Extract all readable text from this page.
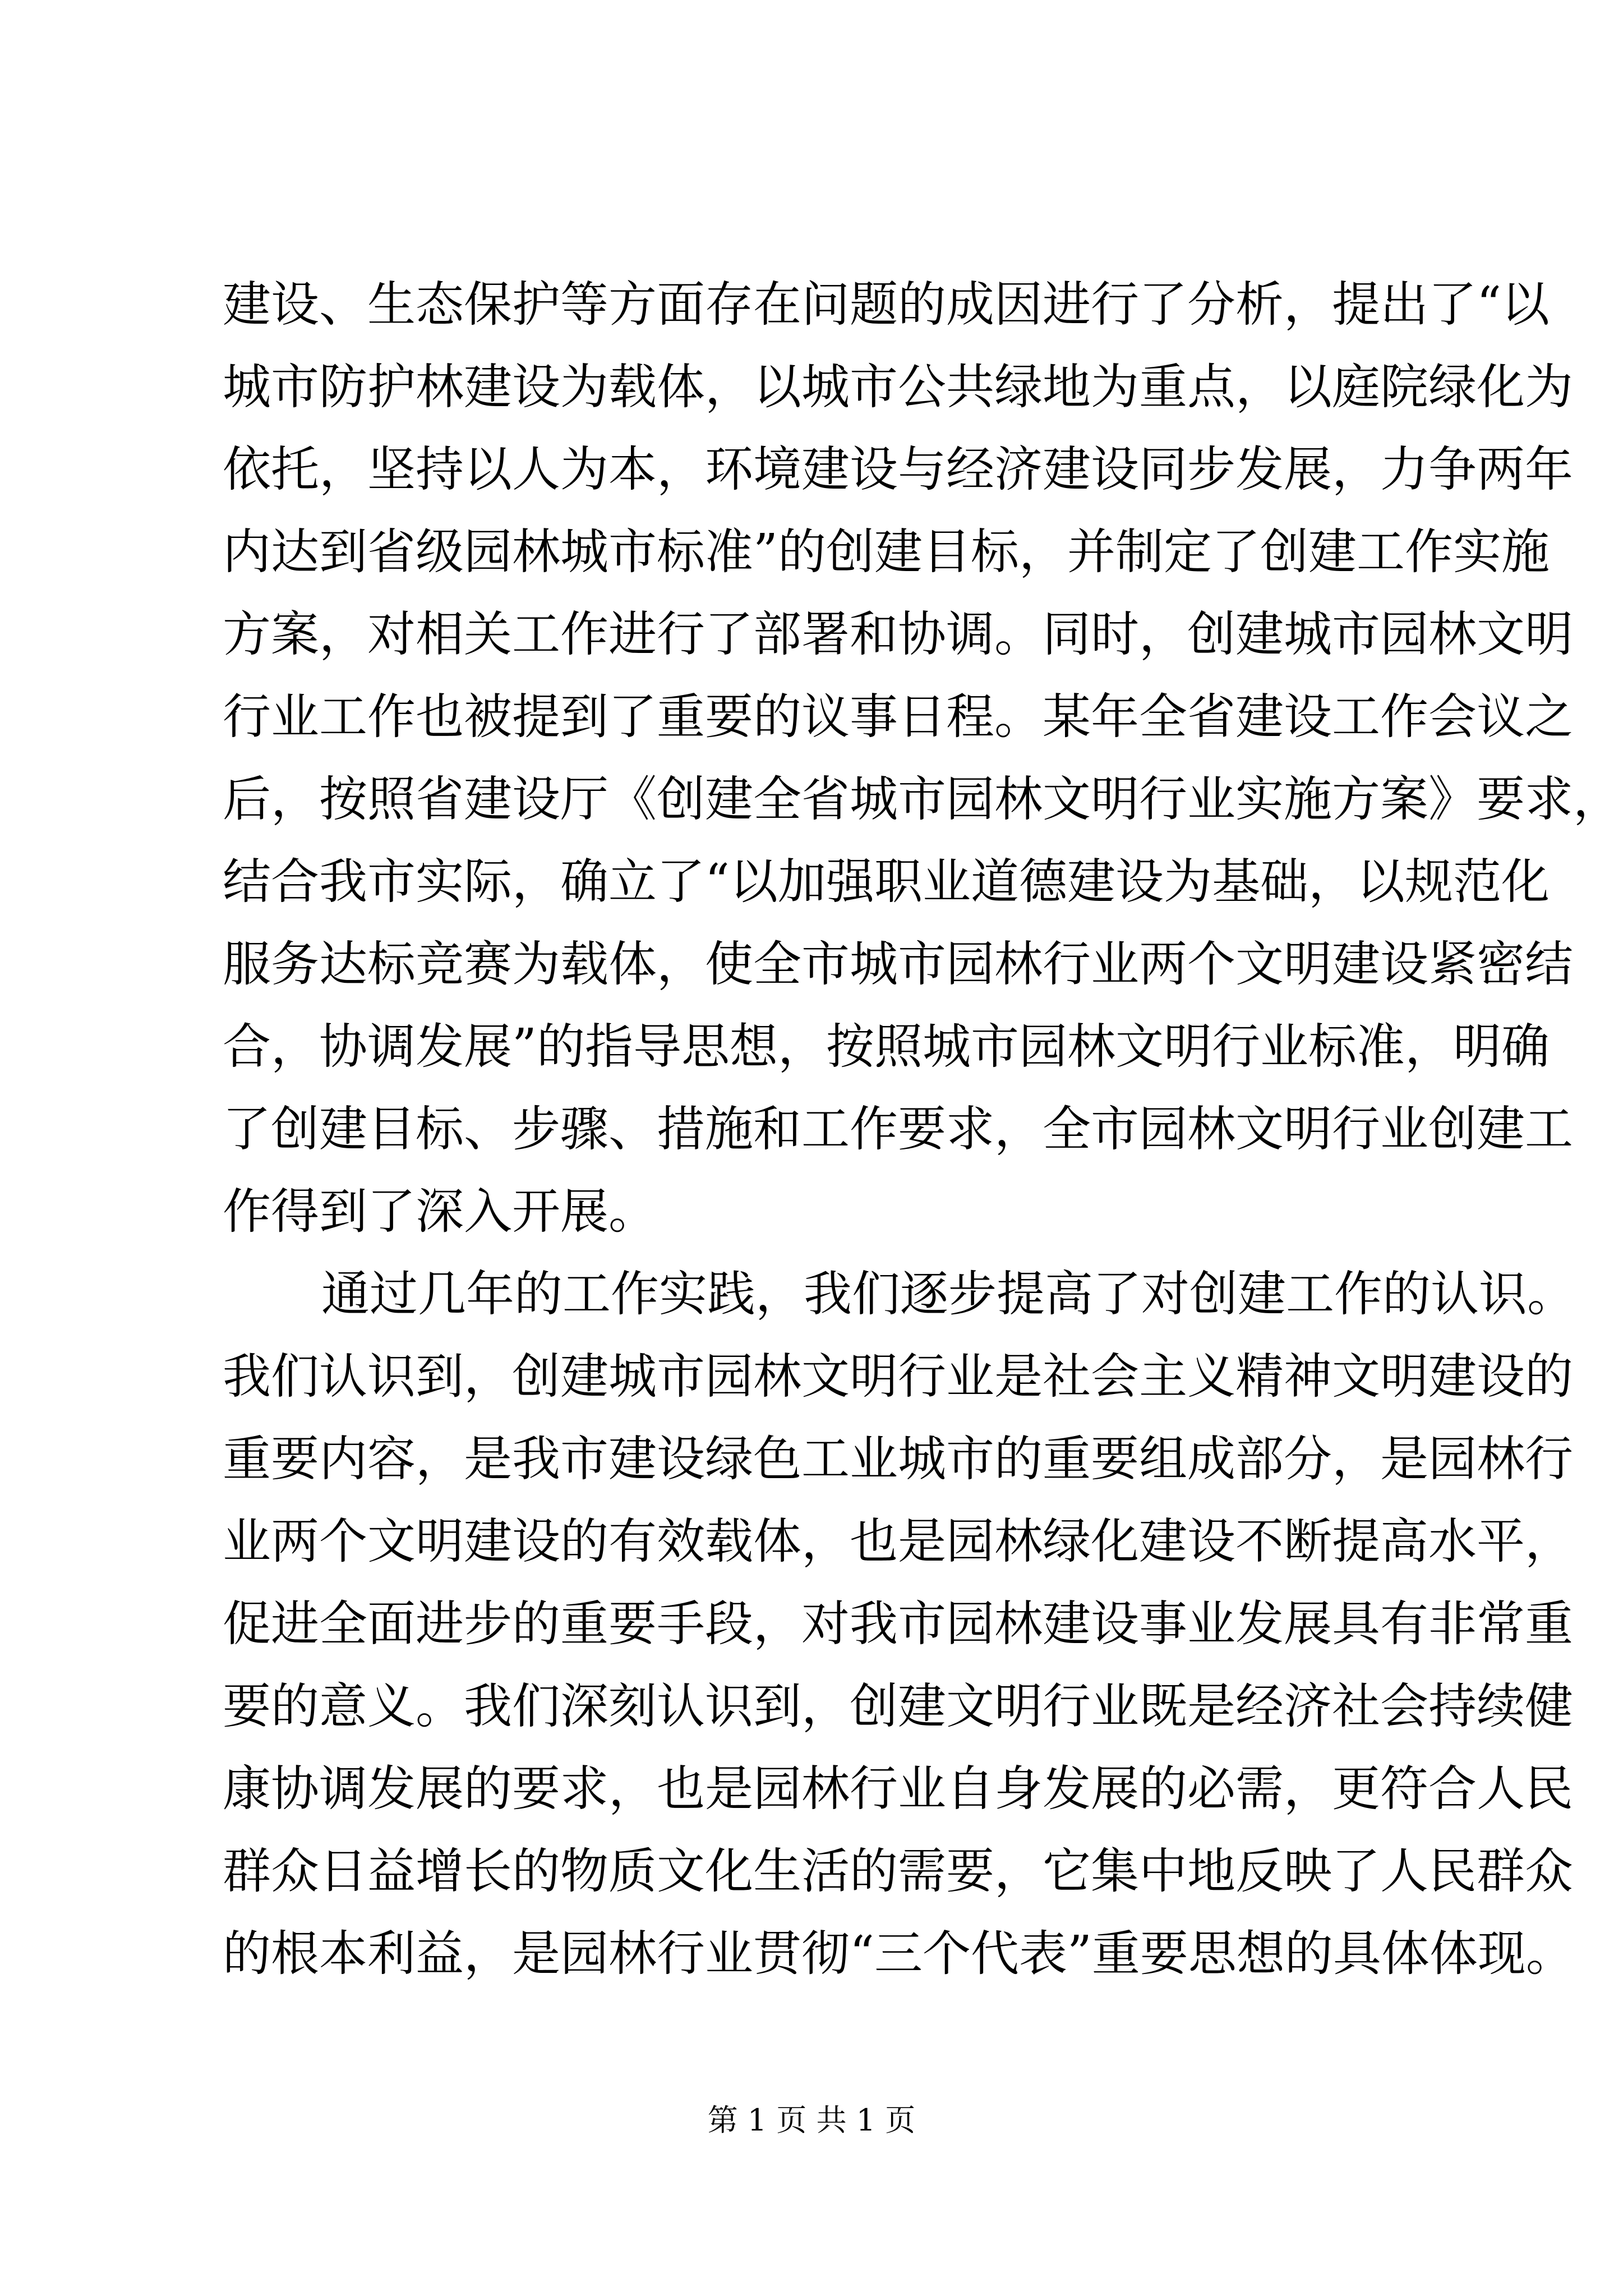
建设、生态保护等方面存在问题的成因进行了分析，提出了“以
城市防护林建设为载体，以城市公共绿地为重点，以庭院绿化为
依托，坚持以人为本，环境建设与经济建设同步发展，力争两年
内达到省级园林城市标准”的创建目标，并制定了创建工作实施
方案，对相关工作进行了部署和协调。同时，创建城市园林文明
行业工作也被提到了重要的议事日程。某年全省建设工作会议之
后，按照省建设厅《创建全省城市园林文明行业实施方案》要求，
结合我市实际，确立了“以加强职业道德建设为基础，以规范化
服务达标竞赛为载体，使全市城市园林行业两个文明建设紧密结
合，协调发展”的指导思想，按照城市园林文明行业标准，明确
了创建目标、步骤、措施和工作要求，全市园林文明行业创建工
作得到了深入开展。
通过几年的工作实践，我们逐步提高了对创建工作的认识。
我们认识到，创建城市园林文明行业是社会主义精神文明建设的
重要内容，是我市建设绿色工业城市的重要组成部分，是园林行
业两个文明建设的有效载体，也是园林绿化建设不断提高水平，
促进全面进步的重要手段，对我市园林建设事业发展具有非常重
要的意义。我们深刻认识到，创建文明行业既是经济社会持续健
康协调发展的要求，也是园林行业自身发展的必需，更符合人民
群众日益增长的物质文化生活的需要，它集中地反映了人民群众
的根本利益，是园林行业贯彻“三个代表”重要思想的具体体现。
第 1 页 共 1 页
